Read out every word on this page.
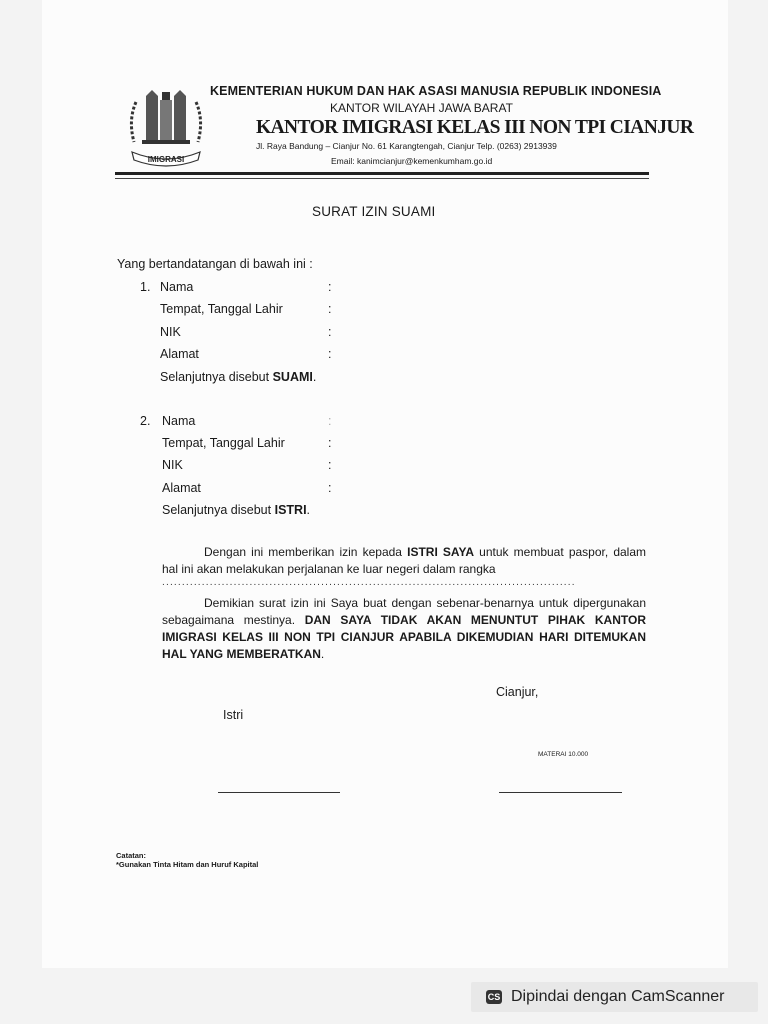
IMIGRASI
KEMENTERIAN HUKUM DAN HAK ASASI MANUSIA REPUBLIK INDONESIA
KANTOR WILAYAH JAWA BARAT
KANTOR IMIGRASI KELAS III NON TPI CIANJUR
Jl. Raya Bandung – Cianjur No. 61 Karangtengah, Cianjur Telp. (0263) 2913939
Email: kanimcianjur@kemenkumham.go.id
SURAT IZIN SUAMI
Yang bertandatangan di bawah ini :
1. Nama
Tempat, Tanggal Lahir
NIK
Alamat
:
:
:
:
Selanjutnya disebut SUAMI.
2. Nama
Tempat, Tanggal Lahir
NIK
Alamat
:
:
:
:
Selanjutnya disebut ISTRI.
Dengan ini memberikan izin kepada ISTRI SAYA untuk membuat paspor, dalam hal ini akan melakukan perjalanan ke luar negeri dalam rangka
........................................................................................................
Demikian surat izin ini Saya buat dengan sebenar-benarnya untuk dipergunakan sebagaimana mestinya. DAN SAYA TIDAK AKAN MENUNTUT PIHAK KANTOR IMIGRASI KELAS III NON TPI CIANJUR APABILA DIKEMUDIAN HARI DITEMUKAN HAL YANG MEMBERATKAN.
Cianjur,
Istri
MATERAI 10.000
Catatan:
*Gunakan Tinta Hitam dan Huruf Kapital
CS Dipindai dengan CamScanner
